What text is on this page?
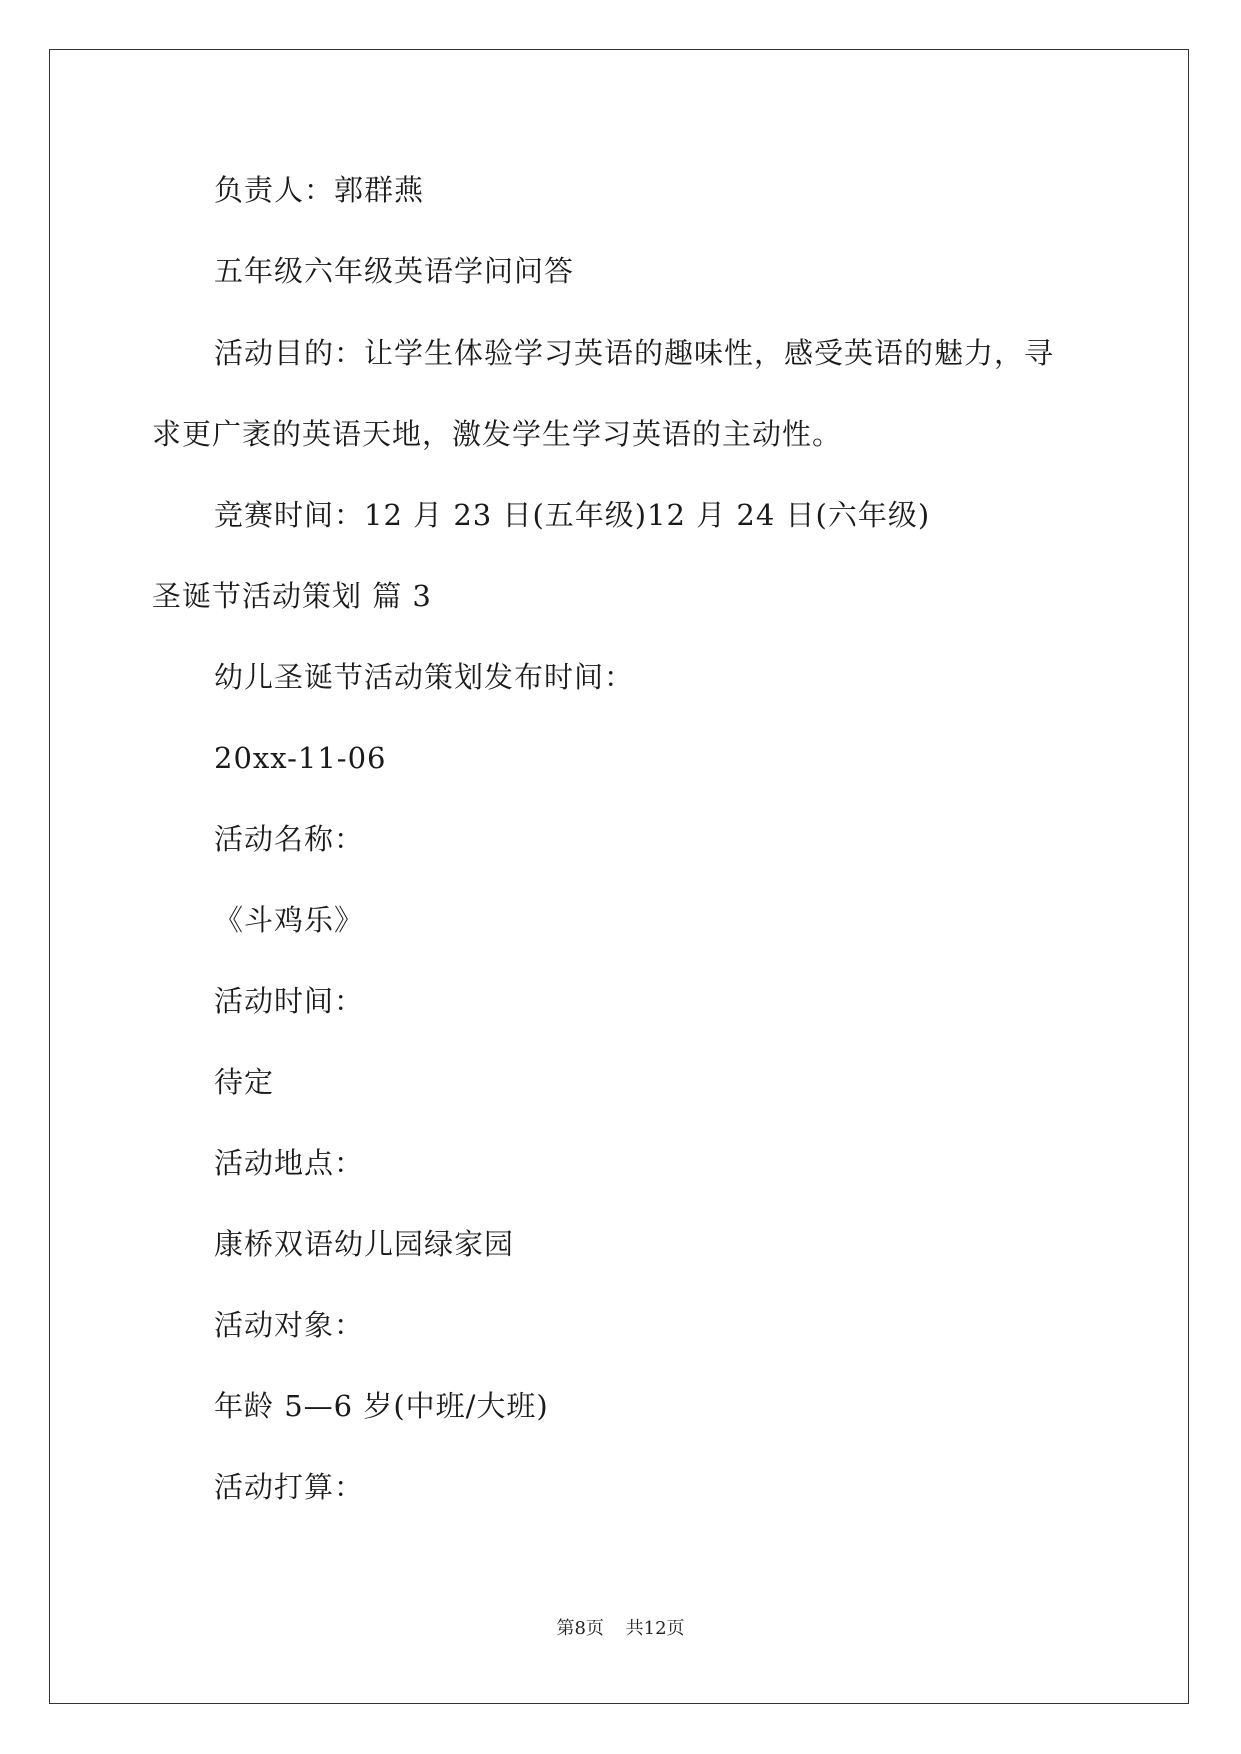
负责人：郭群燕
五年级六年级英语学问问答
活动目的：让学生体验学习英语的趣味性，感受英语的魅力，寻
求更广袤的英语天地，激发学生学习英语的主动性。
竞赛时间：12 月 23 日(五年级)12 月 24 日(六年级)
圣诞节活动策划 篇 3
幼儿圣诞节活动策划发布时间：
20xx-11-06
活动名称：
《斗鸡乐》
活动时间：
待定
活动地点：
康桥双语幼儿园绿家园
活动对象：
年龄 5—6 岁(中班/大班)
活动打算：
第8页 共12页
